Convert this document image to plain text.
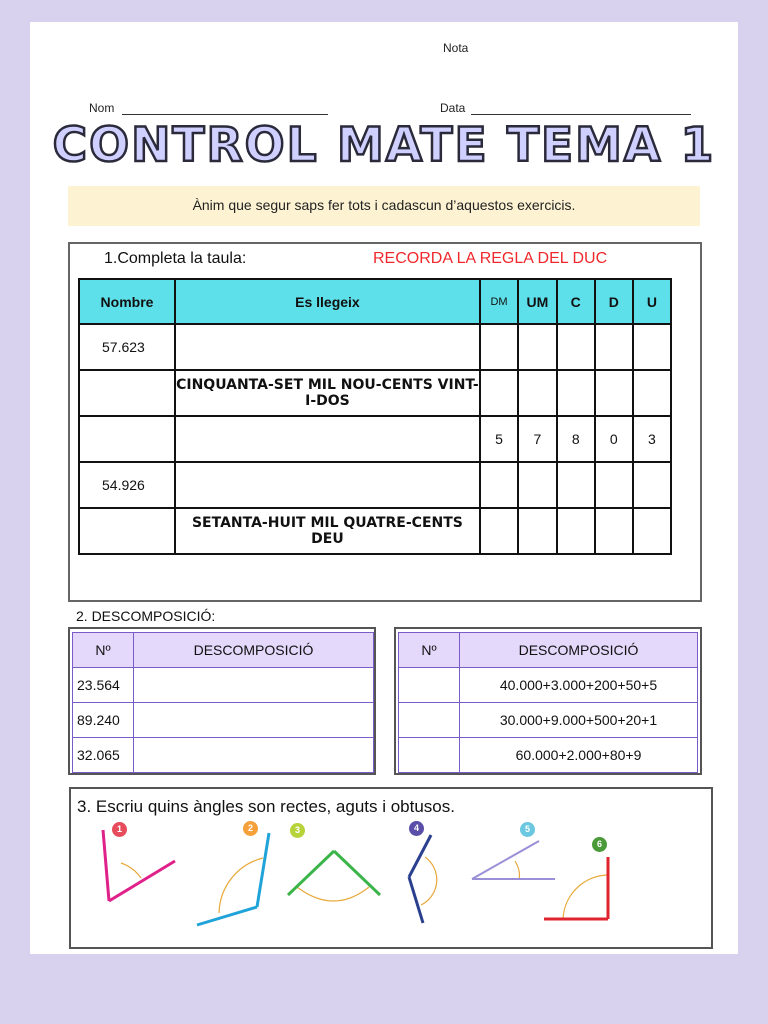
Nota
Nom	Data
CONTROL MATE TEMA 1
Ànim que segur saps fer tots i cadascun d’aquestos exercicis.
1.Completa la taula:	RECORDA LA REGLA DEL DUC
Nombre	Es llegeix	DM	UM	C	D	U
57.623						
	CINQUANTA-SET MIL NOU-CENTS VINT-I-DOS					
		5	7	8	0	3
54.926						
	SETANTA-HUIT MIL QUATRE-CENTS DEU					
2. DESCOMPOSICIÓ:
Nº	DESCOMPOSICIÓ
23.564	
89.240	
32.065	
Nº	DESCOMPOSICIÓ
	40.000+3.000+200+50+5
	30.000+9.000+500+20+1
	60.000+2.000+80+9
3. Escriu quins àngles son rectes, aguts i obtusos.
1	2	3	4	5
6
